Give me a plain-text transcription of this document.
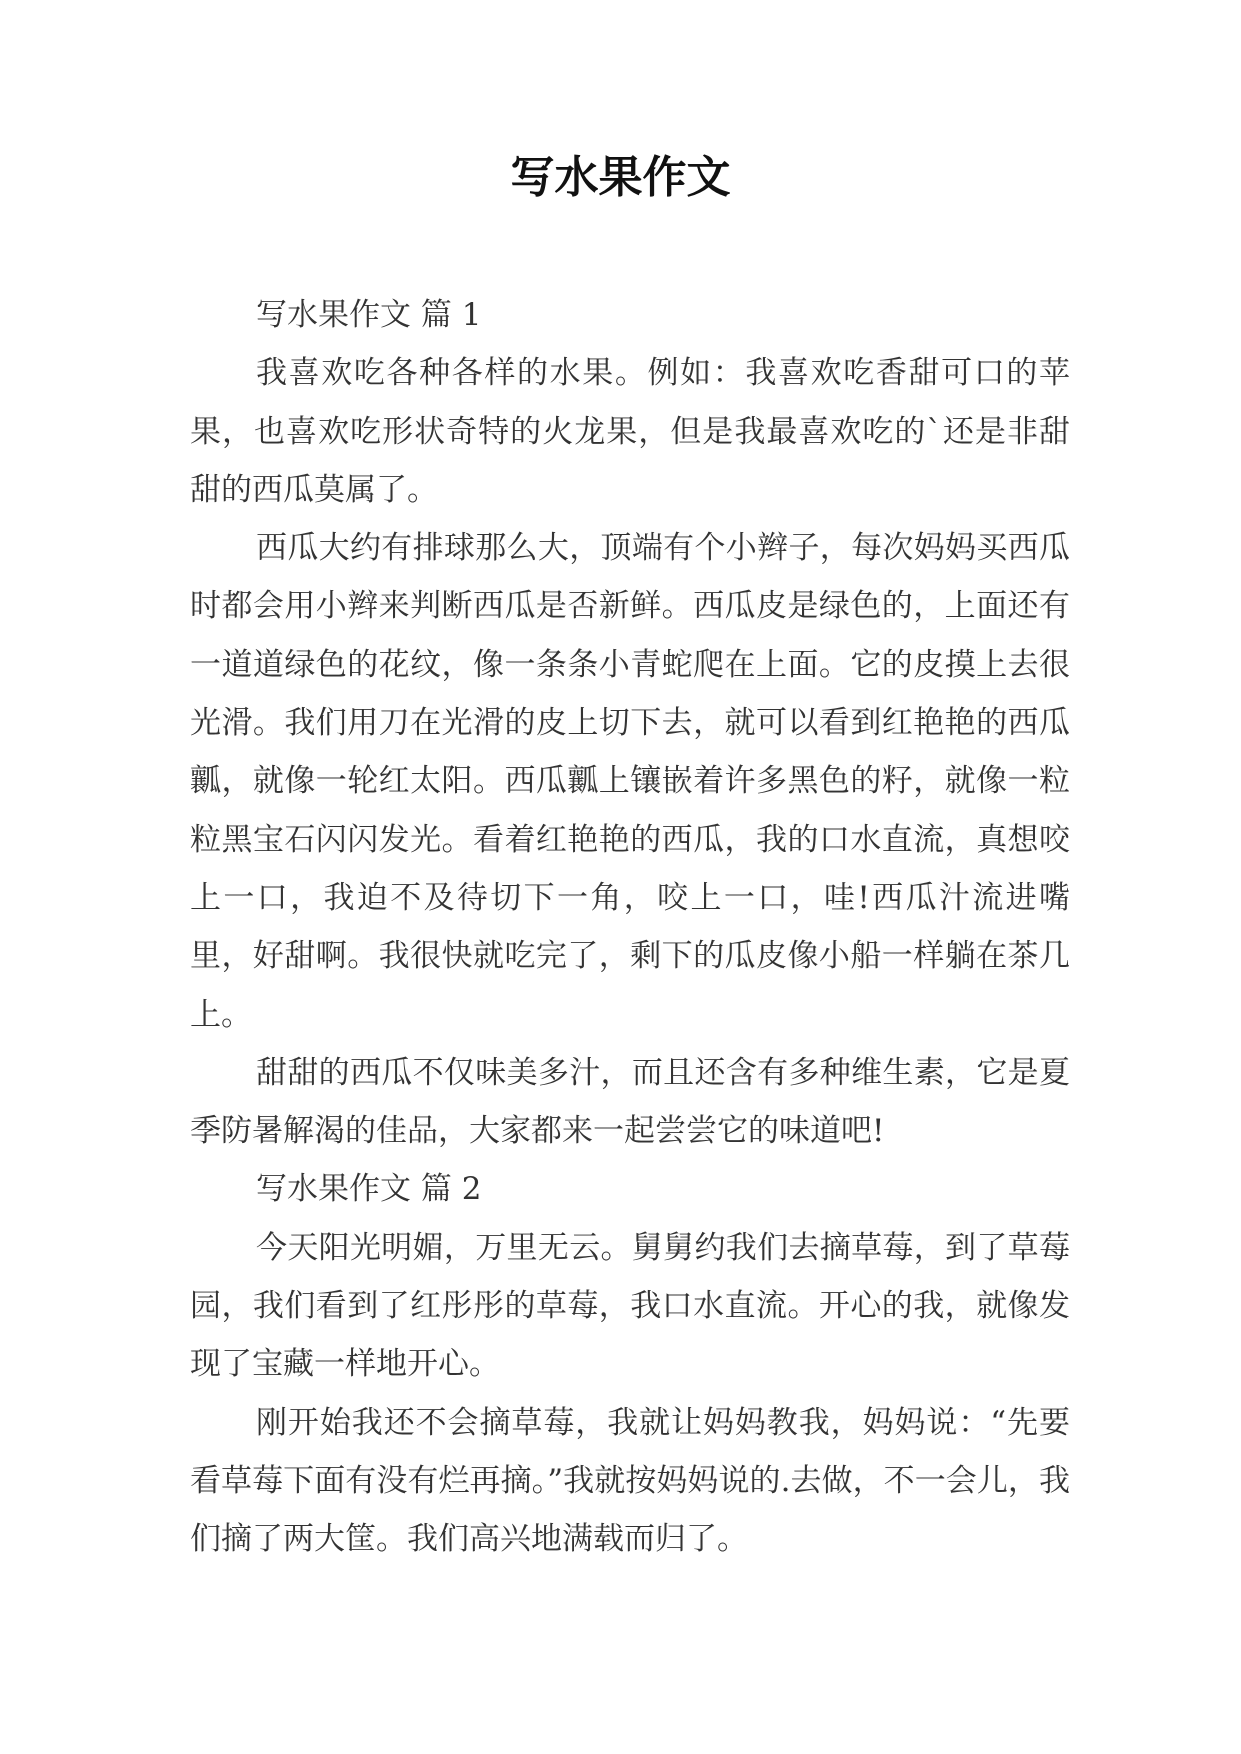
写水果作文

写水果作文 篇 1

我喜欢吃各种各样的水果。例如：我喜欢吃香甜可口的苹果，也喜欢吃形状奇特的火龙果，但是我最喜欢吃的`还是非甜甜的西瓜莫属了。

西瓜大约有排球那么大，顶端有个小辫子，每次妈妈买西瓜时都会用小辫来判断西瓜是否新鲜。西瓜皮是绿色的，上面还有一道道绿色的花纹，像一条条小青蛇爬在上面。它的皮摸上去很光滑。我们用刀在光滑的皮上切下去，就可以看到红艳艳的西瓜瓤，就像一轮红太阳。西瓜瓤上镶嵌着许多黑色的籽，就像一粒粒黑宝石闪闪发光。看着红艳艳的西瓜，我的口水直流，真想咬上一口，我迫不及待切下一角，咬上一口，哇!西瓜汁流进嘴里，好甜啊。我很快就吃完了，剩下的瓜皮像小船一样躺在茶几上。

甜甜的西瓜不仅味美多汁，而且还含有多种维生素，它是夏季防暑解渴的佳品，大家都来一起尝尝它的味道吧!

写水果作文 篇 2

今天阳光明媚，万里无云。舅舅约我们去摘草莓，到了草莓园，我们看到了红彤彤的草莓，我口水直流。开心的我，就像发现了宝藏一样地开心。

刚开始我还不会摘草莓，我就让妈妈教我，妈妈说：“先要看草莓下面有没有烂再摘。”我就按妈妈说的.去做，不一会儿，我们摘了两大筐。我们高兴地满载而归了。
